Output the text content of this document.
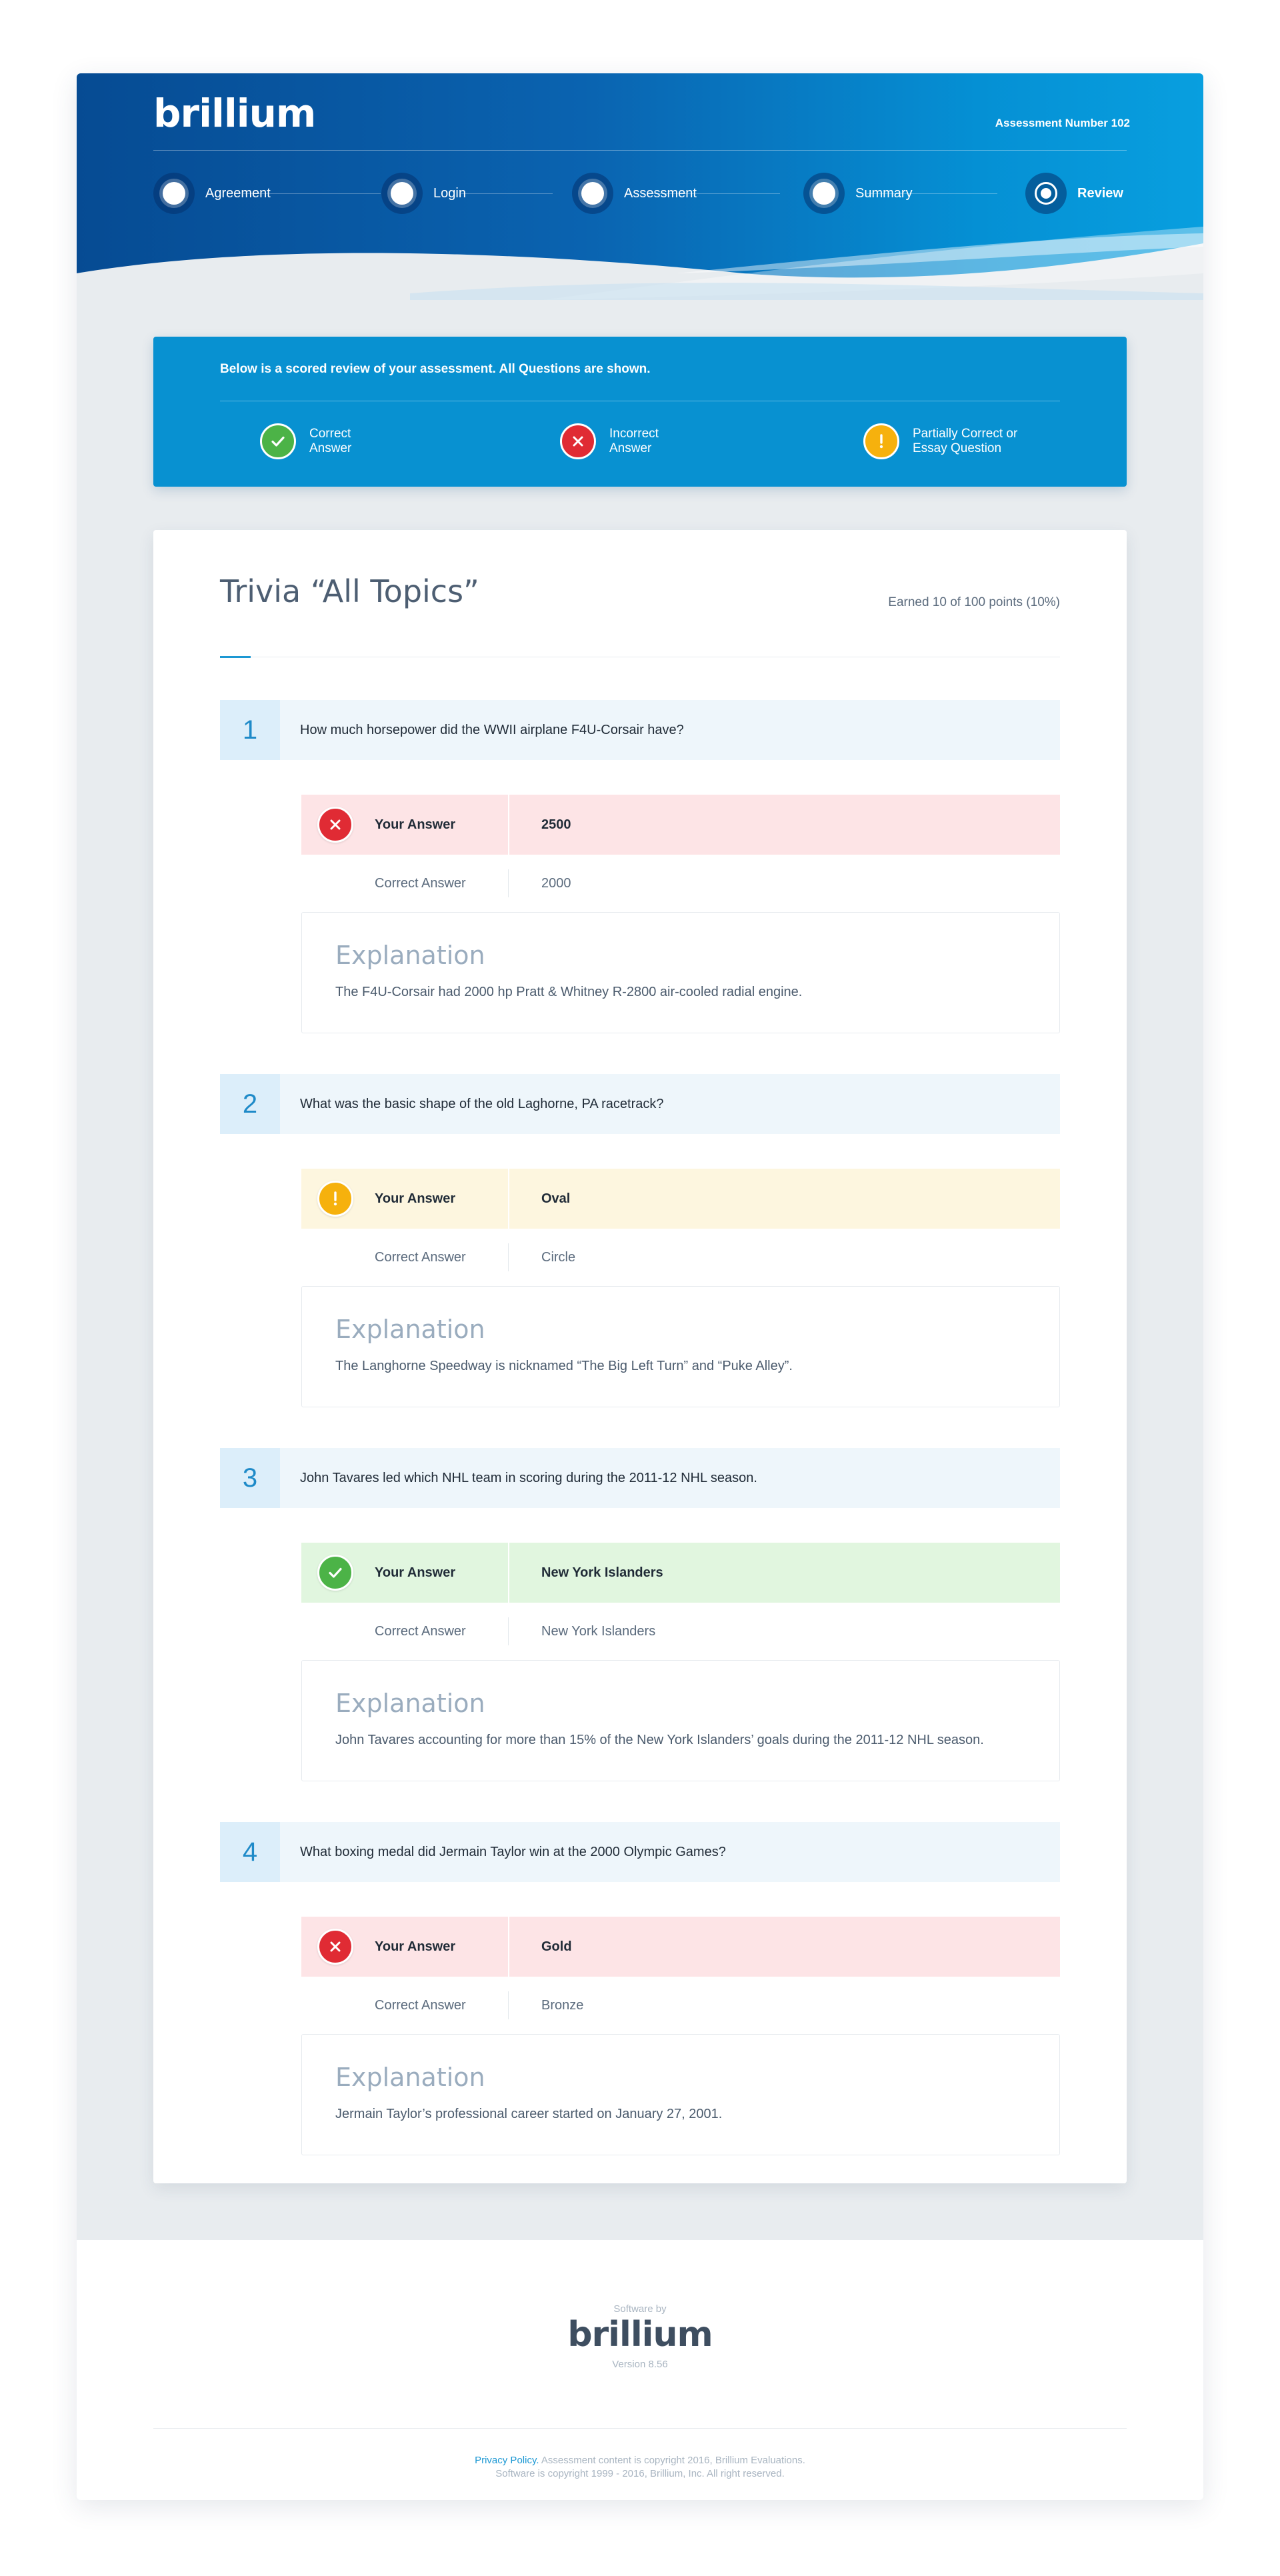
brillium	Assessment Number 102
Agreement	Login	Assessment	Summary	Review
Below is a scored review of your assessment. All Questions are shown.
Correct
Answer
Incorrect
Answer
Partially Correct or
Essay Question
Trivia “All Topics”	Earned 10 of 100 points (10%)
1	How much horsepower did the WWII airplane F4U-Corsair have?
Your Answer	2500
Correct Answer	2000
Explanation
The F4U-Corsair had 2000 hp Pratt & Whitney R-2800 air-cooled radial engine.
2	What was the basic shape of the old Laghorne, PA racetrack?
Your Answer	Oval
Correct Answer	Circle
Explanation
The Langhorne Speedway is nicknamed “The Big Left Turn” and “Puke Alley”.
3	John Tavares led which NHL team in scoring during the 2011-12 NHL season.
Your Answer	New York Islanders
Correct Answer	New York Islanders
Explanation
John Tavares accounting for more than 15% of the New York Islanders’ goals during the 2011-12 NHL season.
4	What boxing medal did Jermain Taylor win at the 2000 Olympic Games?
Your Answer	Gold
Correct Answer	Bronze
Explanation
Jermain Taylor’s professional career started on January 27, 2001.
Software by
brillium
Version 8.56
Privacy Policy. Assessment content is copyright 2016, Brillium Evaluations.
Software is copyright 1999 - 2016, Brillium, Inc. All right reserved.
